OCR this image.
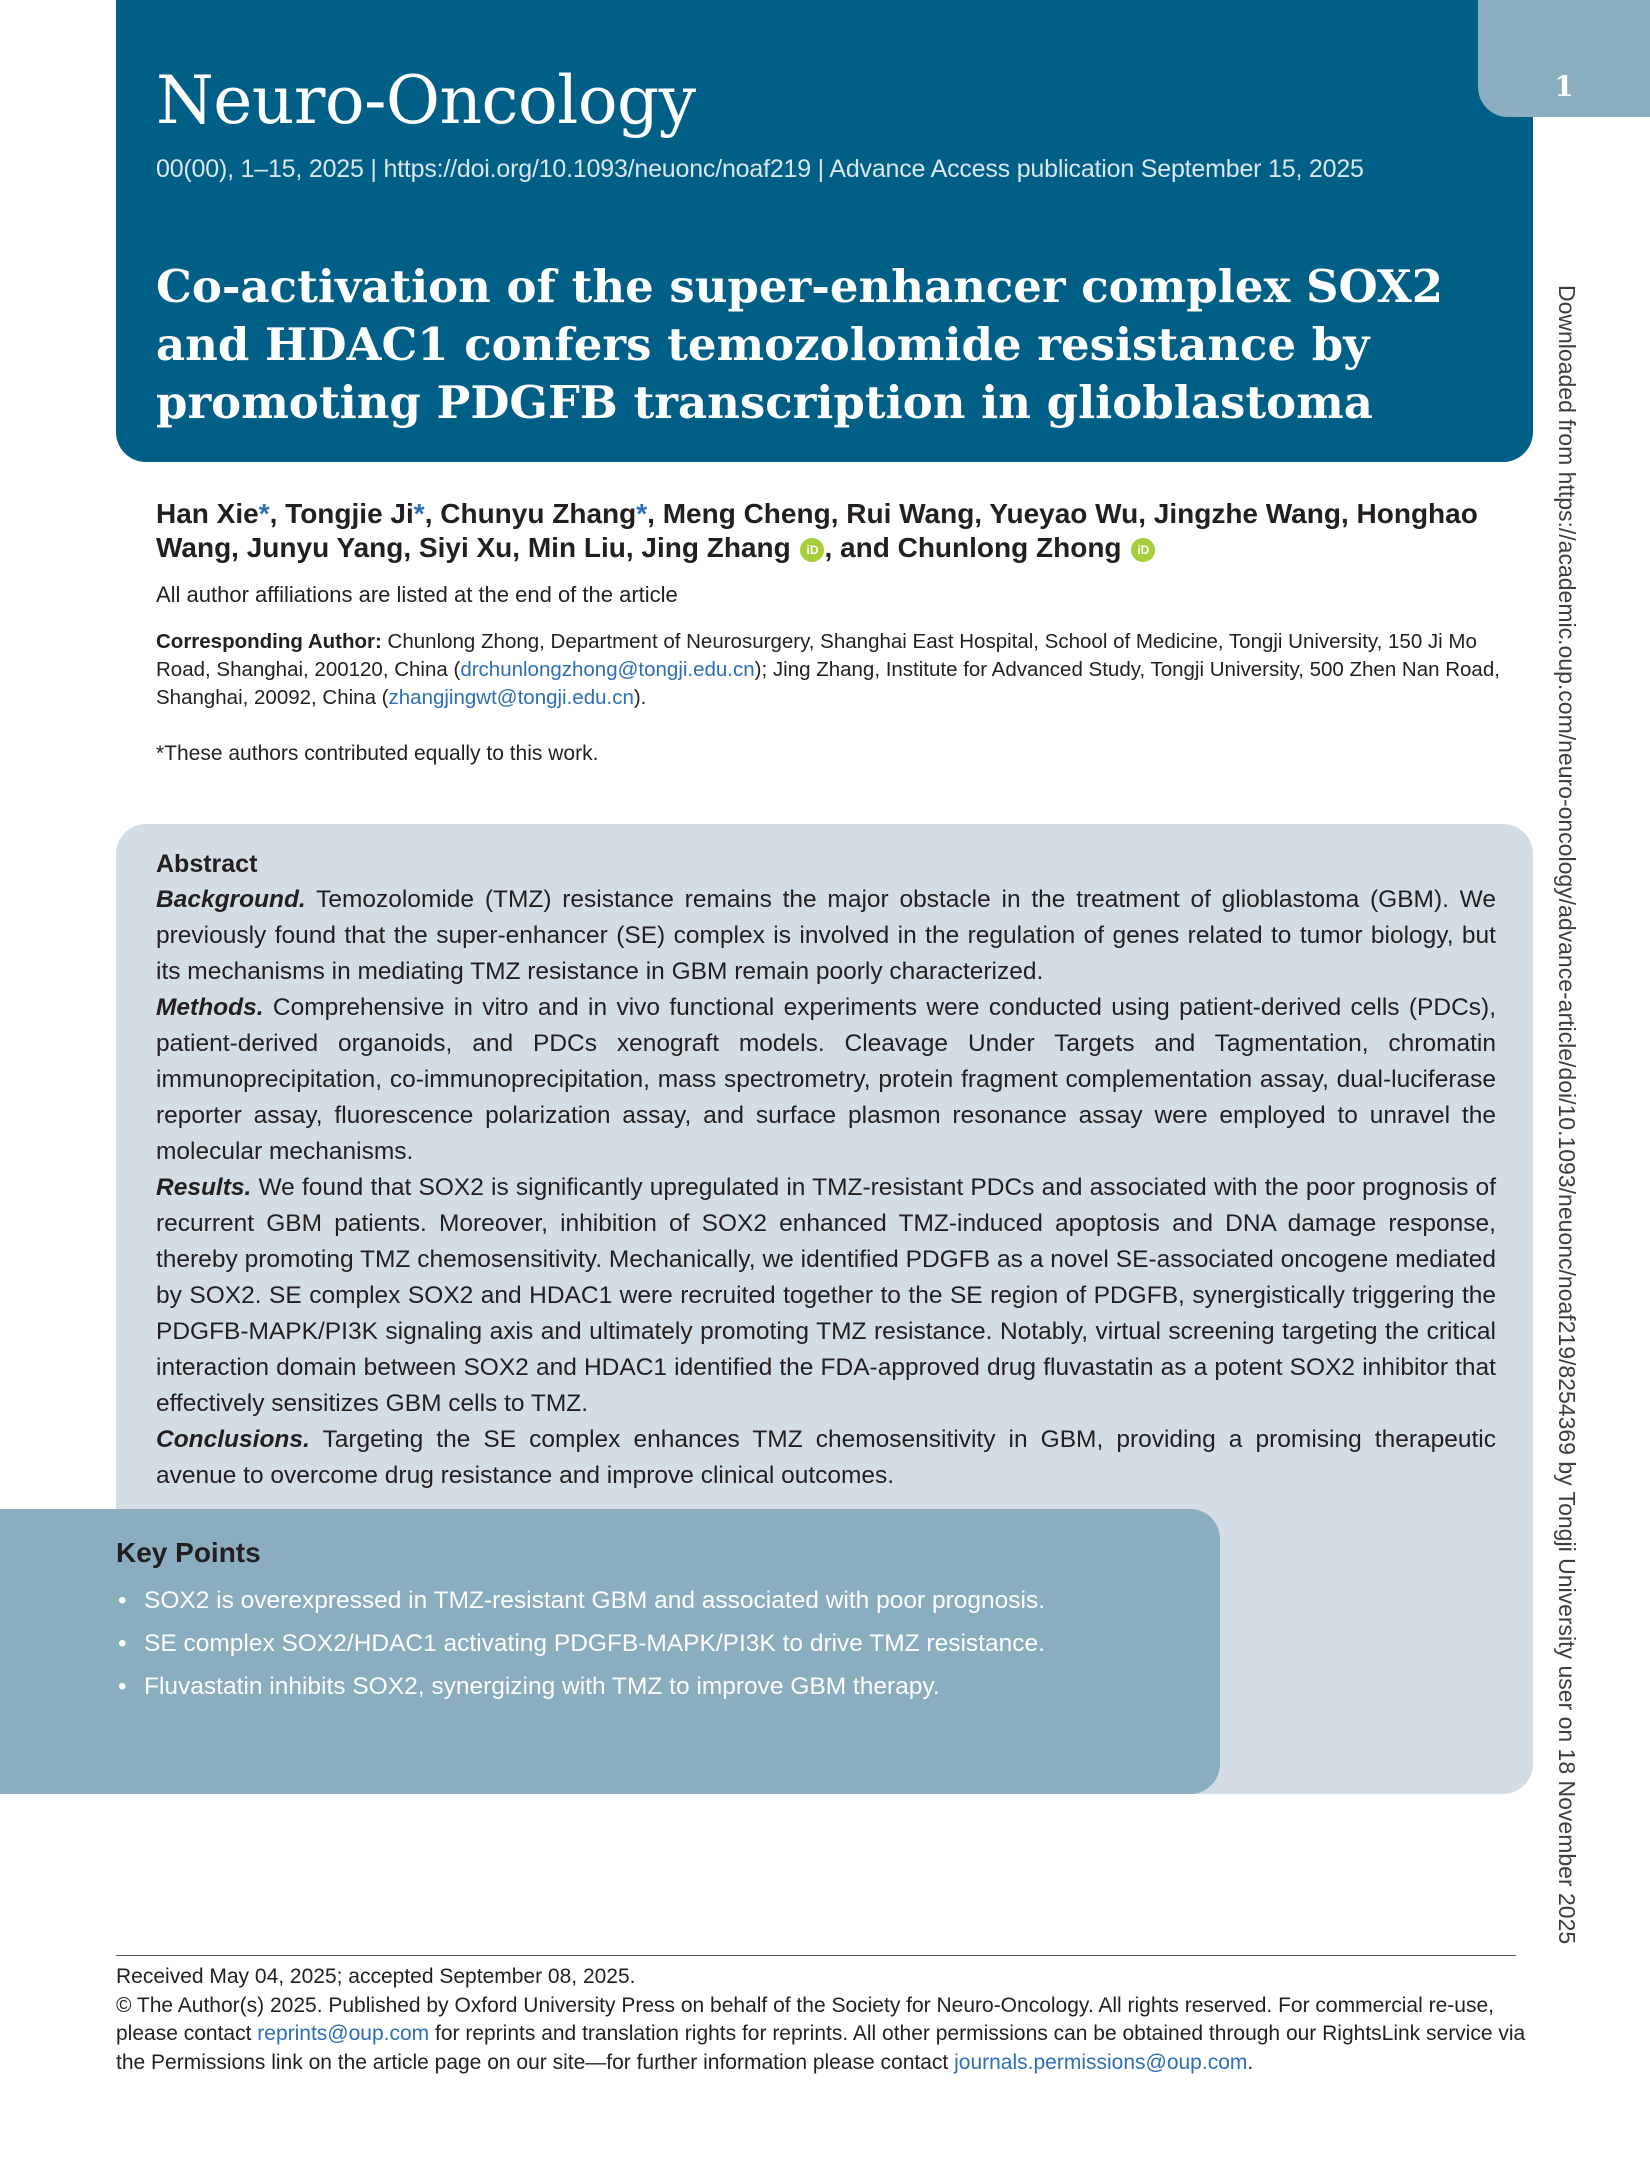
Neuro-Oncology
00(00), 1–15, 2025 | https://doi.org/10.1093/neuonc/noaf219 | Advance Access publication September 15, 2025
Co-activation of the super-enhancer complex SOX2 and HDAC1 confers temozolomide resistance by promoting PDGFB transcription in glioblastoma
1
Downloaded from https://academic.oup.com/neuro-oncology/advance-article/doi/10.1093/neuonc/noaf219/8254369 by Tongji University user on 18 November 2025
Han Xie*, Tongjie Ji*, Chunyu Zhang*, Meng Cheng, Rui Wang, Yueyao Wu, Jingzhe Wang, Honghao Wang, Junyu Yang, Siyi Xu, Min Liu, Jing Zhang iD , and Chunlong Zhong iD
All author affiliations are listed at the end of the article
Corresponding Author: Chunlong Zhong, Department of Neurosurgery, Shanghai East Hospital, School of Medicine, Tongji University, 150 Ji Mo Road, Shanghai, 200120, China (drchunlongzhong@tongji.edu.cn); Jing Zhang, Institute for Advanced Study, Tongji University, 500 Zhen Nan Road, Shanghai, 20092, China (zhangjingwt@tongji.edu.cn).
*These authors contributed equally to this work.
Abstract
Background. Temozolomide (TMZ) resistance remains the major obstacle in the treatment of glioblastoma (GBM). We previously found that the super-enhancer (SE) complex is involved in the regulation of genes related to tumor biology, but its mechanisms in mediating TMZ resistance in GBM remain poorly characterized.
Methods. Comprehensive in vitro and in vivo functional experiments were conducted using patient-derived cells (PDCs), patient-derived organoids, and PDCs xenograft models. Cleavage Under Targets and Tagmentation, chromatin immunoprecipitation, co-immunoprecipitation, mass spectrometry, protein fragment complementation assay, dual-luciferase reporter assay, fluorescence polarization assay, and surface plasmon resonance assay were employed to unravel the molecular mechanisms.
Results. We found that SOX2 is significantly upregulated in TMZ-resistant PDCs and associated with the poor prognosis of recurrent GBM patients. Moreover, inhibition of SOX2 enhanced TMZ-induced apoptosis and DNA damage response, thereby promoting TMZ chemosensitivity. Mechanically, we identified PDGFB as a novel SE-associated oncogene mediated by SOX2. SE complex SOX2 and HDAC1 were recruited together to the SE region of PDGFB, synergistically triggering the PDGFB-MAPK/PI3K signaling axis and ultimately promoting TMZ resistance. Notably, virtual screening targeting the critical interaction domain between SOX2 and HDAC1 identified the FDA-approved drug fluvastatin as a potent SOX2 inhibitor that effectively sensitizes GBM cells to TMZ.
Conclusions. Targeting the SE complex enhances TMZ chemosensitivity in GBM, providing a promising therapeutic avenue to overcome drug resistance and improve clinical outcomes.
Key Points
• SOX2 is overexpressed in TMZ-resistant GBM and associated with poor prognosis.
• SE complex SOX2/HDAC1 activating PDGFB-MAPK/PI3K to drive TMZ resistance.
• Fluvastatin inhibits SOX2, synergizing with TMZ to improve GBM therapy.
Received May 04, 2025; accepted September 08, 2025.
© The Author(s) 2025. Published by Oxford University Press on behalf of the Society for Neuro-Oncology. All rights reserved. For commercial re-use, please contact reprints@oup.com for reprints and translation rights for reprints. All other permissions can be obtained through our RightsLink service via the Permissions link on the article page on our site—for further information please contact journals.permissions@oup.com.
